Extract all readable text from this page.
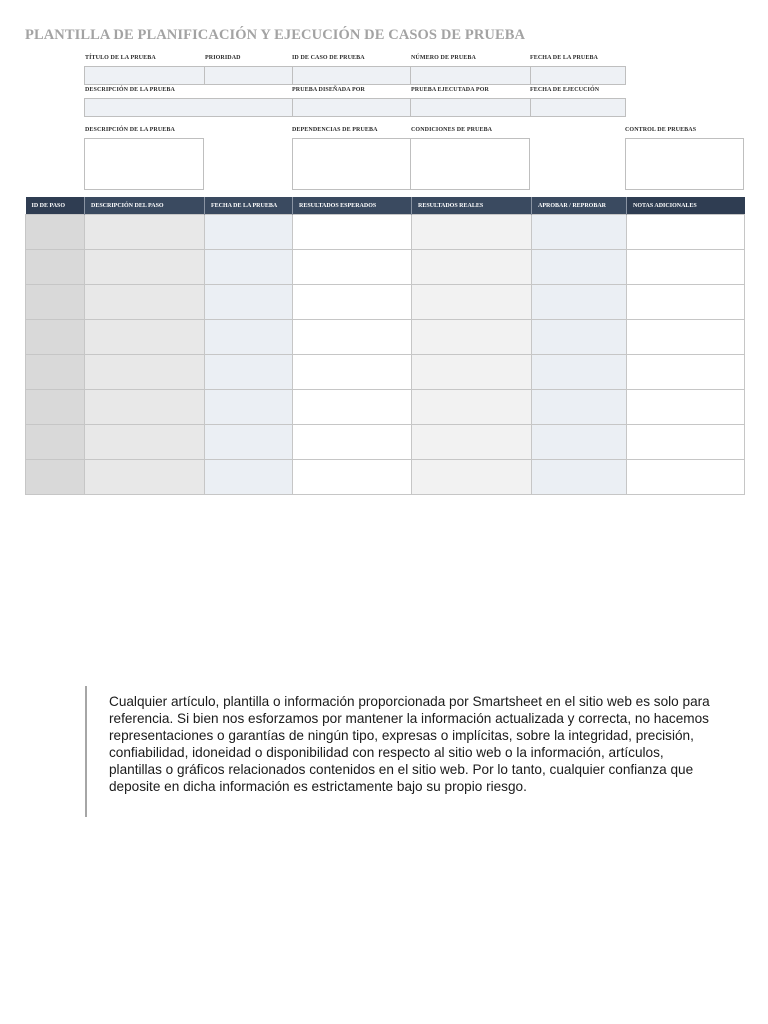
PLANTILLA DE PLANIFICACIÓN Y EJECUCIÓN DE CASOS DE PRUEBA
TÍTULO DE LA PRUEBA	PRIORIDAD	ID DE CASO DE PRUEBA	NÚMERO DE PRUEBA	FECHA DE LA PRUEBA
DESCRIPCIÓN DE LA PRUEBA	PRUEBA DISEÑADA POR	PRUEBA EJECUTADA POR	FECHA DE EJECUCIÓN
DESCRIPCIÓN DE LA PRUEBA	DEPENDENCIAS DE PRUEBA	CONDICIONES DE PRUEBA	CONTROL DE PRUEBAS
ID DE PASO	DESCRIPCIÓN DEL PASO	FECHA DE LA PRUEBA	RESULTADOS ESPERADOS	RESULTADOS REALES	APROBAR / REPROBAR	NOTAS ADICIONALES

Cualquier artículo, plantilla o información proporcionada por Smartsheet en el sitio web es solo para referencia. Si bien nos esforzamos por mantener la información actualizada y correcta, no hacemos representaciones o garantías de ningún tipo, expresas o implícitas, sobre la integridad, precisión, confiabilidad, idoneidad o disponibilidad con respecto al sitio web o la información, artículos, plantillas o gráficos relacionados contenidos en el sitio web. Por lo tanto, cualquier confianza que deposite en dicha información es estrictamente bajo su propio riesgo.
